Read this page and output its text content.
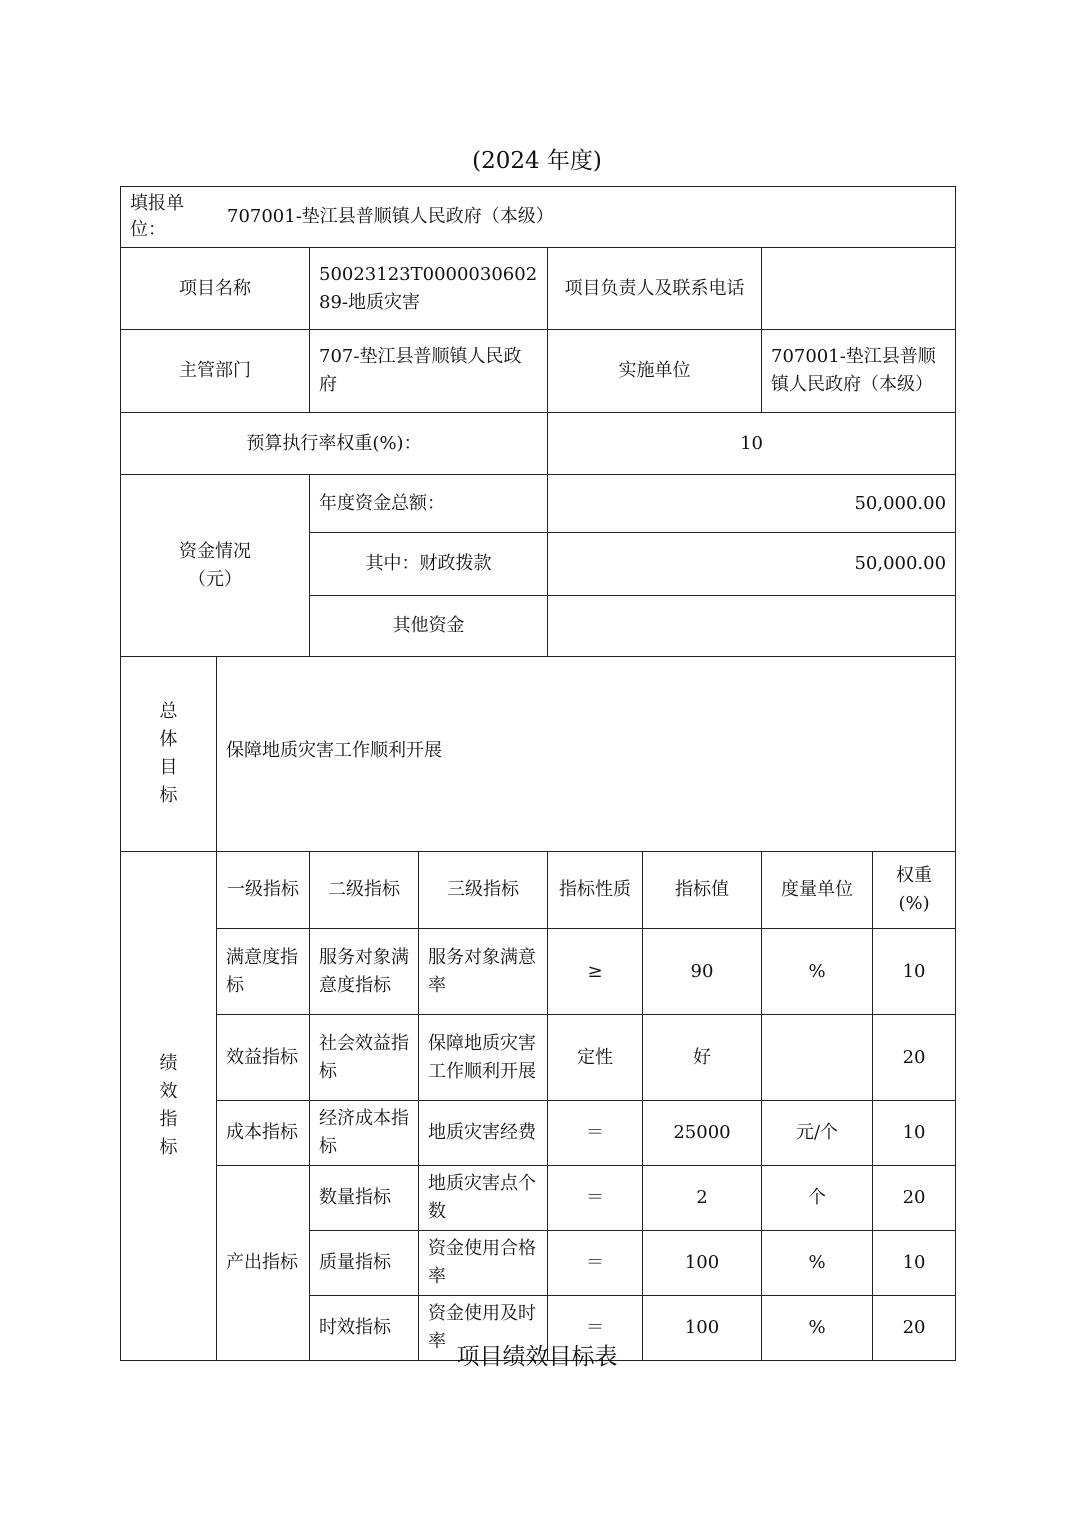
(2024 年度)
填报单位：
707001-垫江县普顺镇人民政府（本级）							

项目名称		50023123T000003060289-地质灾害		项目负责人及联系电话			
主管部门		707-垫江县普顺镇人民政府		实施单位		707001-垫江县普顺镇人民政府（本级）	
预算执行率权重(%)：				10			

资金情况（元）		年度资金总额：		50,000.00			
		其中：财政拨款		50,000.00			
		其他资金					

总体目标	保障地质灾害工作顺利开展						

绩效指标	一级指标	二级指标	三级指标	指标性质	指标值	度量单位	权重(%)
	满意度指标	服务对象满意度指标	服务对象满意率	≥	90	%	10
	效益指标	社会效益指标	保障地质灾害工作顺利开展	定性	好		20
	成本指标	经济成本指标	地质灾害经费	＝	25000	元/个	10
	产出指标	数量指标	地质灾害点个数	＝	2	个	20
		质量指标	资金使用合格率	＝	100	%	10
		时效指标	资金使用及时率	＝	100	%	20
项目绩效目标表
